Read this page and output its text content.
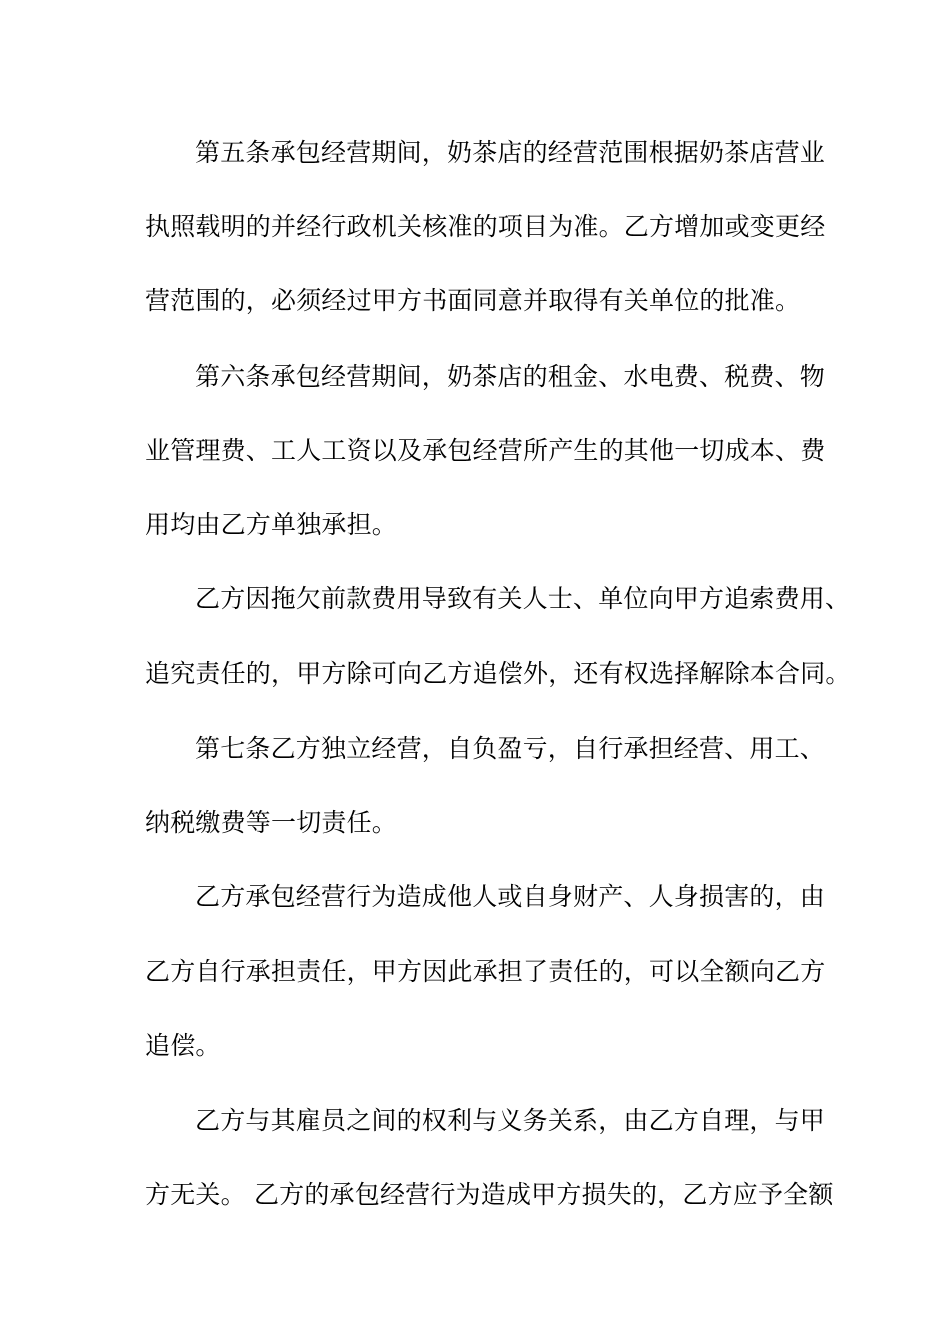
第五条承包经营期间，奶茶店的经营范围根据奶茶店营业
执照载明的并经行政机关核准的项目为准。乙方增加或变更经
营范围的，必须经过甲方书面同意并取得有关单位的批准。
第六条承包经营期间，奶茶店的租金、水电费、税费、物
业管理费、工人工资以及承包经营所产生的其他一切成本、费
用均由乙方单独承担。
乙方因拖欠前款费用导致有关人士、单位向甲方追索费用、
追究责任的，甲方除可向乙方追偿外，还有权选择解除本合同。
第七条乙方独立经营，自负盈亏，自行承担经营、用工、
纳税缴费等一切责任。
乙方承包经营行为造成他人或自身财产、人身损害的，由
乙方自行承担责任，甲方因此承担了责任的，可以全额向乙方
追偿。
乙方与其雇员之间的权利与义务关系，由乙方自理，与甲
方无关。 乙方的承包经营行为造成甲方损失的，乙方应予全额
